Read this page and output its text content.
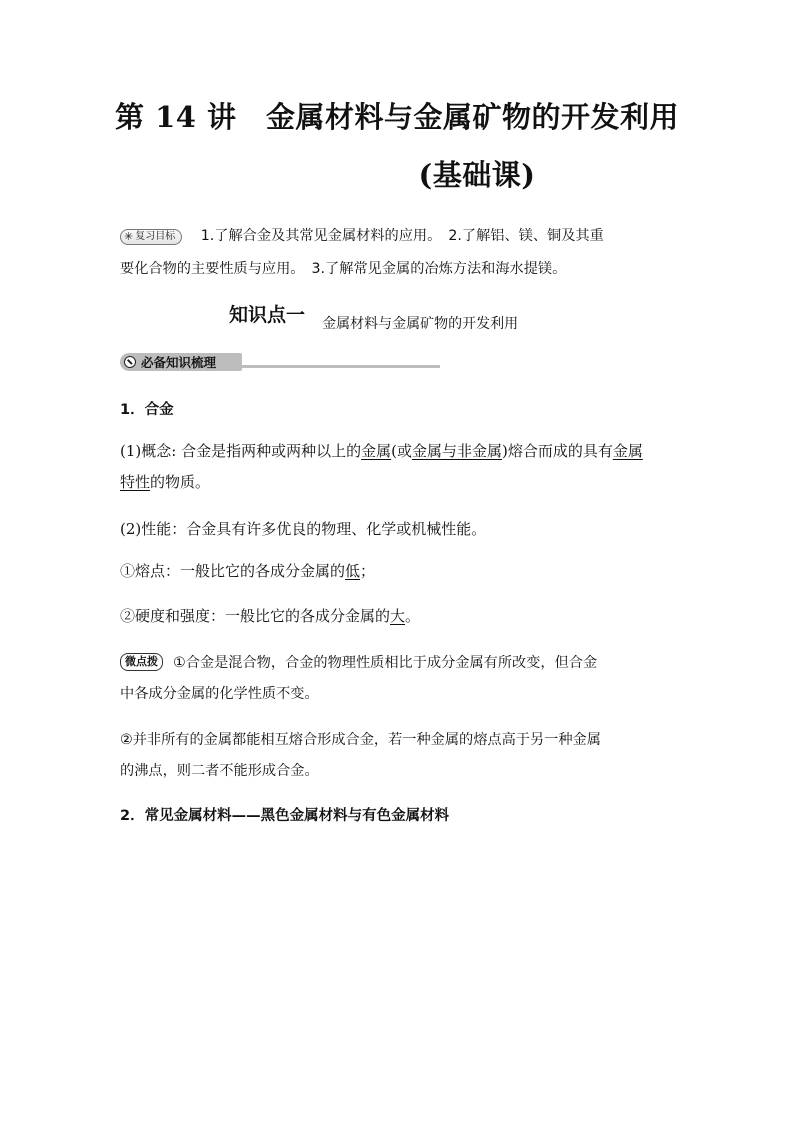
第 14 讲　金属材料与金属矿物的开发利用
(基础课)
✳ 复习目标 1.了解合金及其常见金属材料的应用。　2.了解铝、镁、铜及其重
要化合物的主要性质与应用。　3.了解常见金属的冶炼方法和海水提镁。
知识点一 金属材料与金属矿物的开发利用
必备知识梳理
1．合金
(1)概念: 合金是指两种或两种以上的金属(或金属与非金属)熔合而成的具有金属
特性的物质。
(2)性能：合金具有许多优良的物理、化学或机械性能。
①熔点：一般比它的各成分金属的低；
②硬度和强度：一般比它的各成分金属的大。
微点拨 ①合金是混合物，合金的物理性质相比于成分金属有所改变，但合金
中各成分金属的化学性质不变。
②并非所有的金属都能相互熔合形成合金，若一种金属的熔点高于另一种金属
的沸点，则二者不能形成合金。
2．常见金属材料——黑色金属材料与有色金属材料
